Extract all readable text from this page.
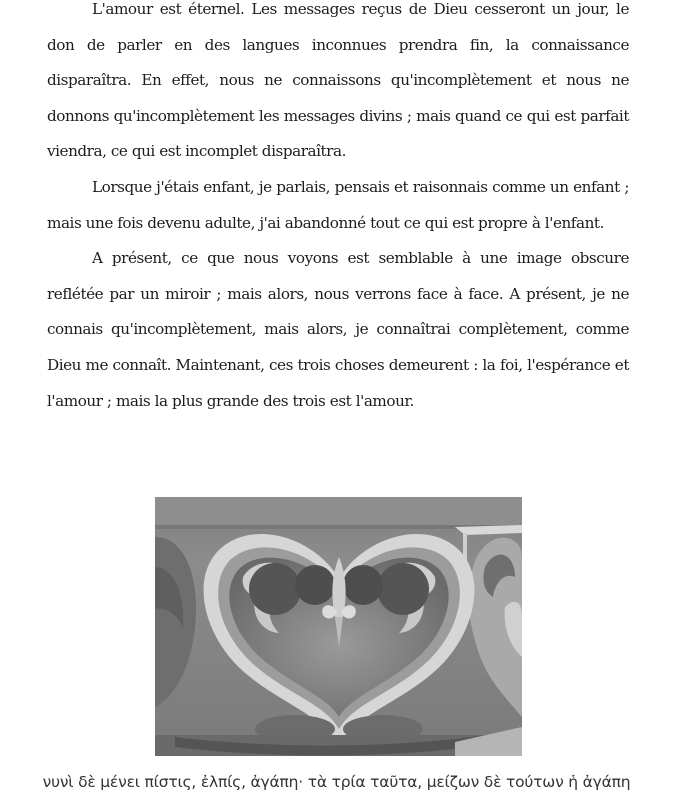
L'amour est éternel. Les messages reçus de Dieu cesseront un jour, le don de parler en des langues inconnues prendra fin, la connaissance disparaîtra. En effet, nous ne connaissons qu'incomplètement et nous ne donnons qu'incomplètement les messages divins ; mais quand ce qui est parfait viendra, ce qui est incomplet disparaîtra.

Lorsque j'étais enfant, je parlais, pensais et raisonnais comme un enfant ; mais une fois devenu adulte, j'ai abandonné tout ce qui est propre à l'enfant.

A présent, ce que nous voyons est semblable à une image obscure reflétée par un miroir ; mais alors, nous verrons face à face. A présent, je ne connais qu'incomplètement, mais alors, je connaîtrai complètement, comme Dieu me connaît. Maintenant, ces trois choses demeurent : la foi, l'espérance et l'amour ; mais la plus grande des trois est l'amour.

νυνὶ δὲ μένει πίστις, ἐλπίς, ἀγάπη· τὰ τρία ταῦτα, μείζων δὲ τούτων ἡ ἀγάπη
